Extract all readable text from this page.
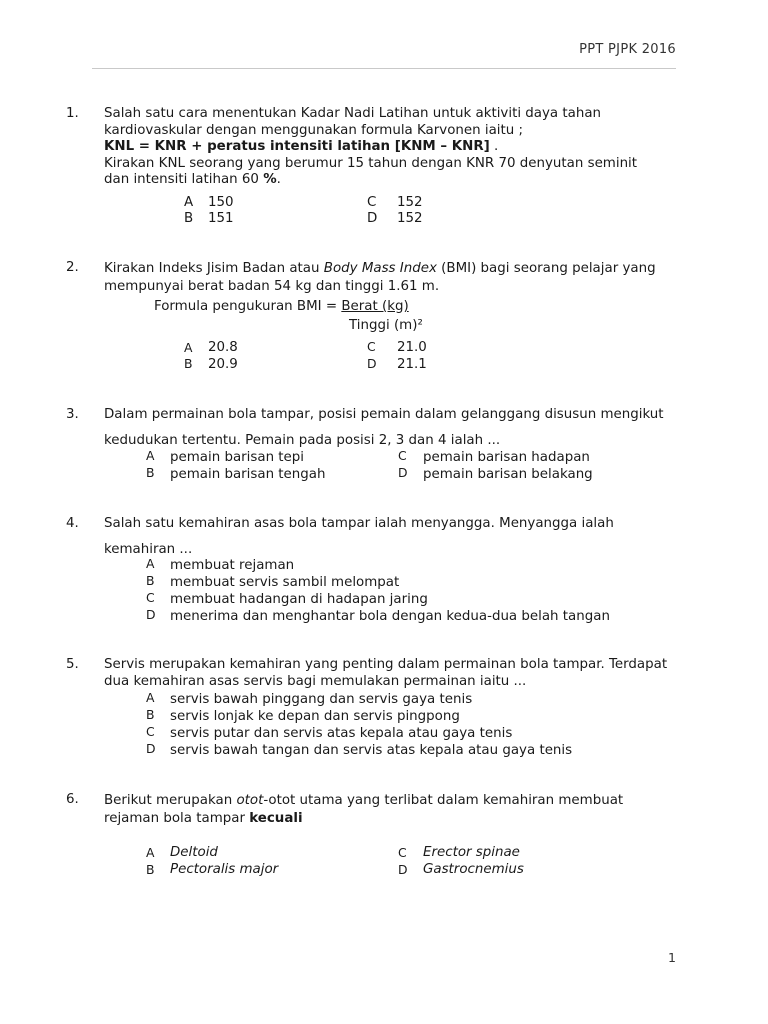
PPT PJPK 2016
1. Salah satu cara menentukan Kadar Nadi Latihan untuk aktiviti daya tahan

kardiovaskular dengan menggunakan formula Karvonen iaitu ;

KNL = KNR + peratus intensiti latihan [KNM – KNR] .

Kirakan KNL seorang yang berumur 15 tahun dengan KNR 70 denyutan seminit

dan intensiti latihan 60 %.

A 150
B 151
C 152
D 152
2. Kirakan Indeks Jisim Badan atau Body Mass Index (BMI) bagi seorang pelajar yang

mempunyai berat badan 54 kg dan tinggi 1.61 m.

Formula pengukuran BMI = Berat (kg)
Tinggi (m)²
A 20.8
B 20.9
C 21.0
D 21.1
3. Dalam permainan bola tampar, posisi pemain dalam gelanggang disusun mengikut

kedudukan tertentu. Pemain pada posisi 2, 3 dan 4 ialah ...

A pemain barisan tepi
B pemain barisan tengah
C pemain barisan hadapan
D pemain barisan belakang
4. Salah satu kemahiran asas bola tampar ialah menyangga. Menyangga ialah

kemahiran ...

A membuat rejaman
B membuat servis sambil melompat
C membuat hadangan di hadapan jaring
D menerima dan menghantar bola dengan kedua-dua belah tangan
5. Servis merupakan kemahiran yang penting dalam permainan bola tampar. Terdapat

dua kemahiran asas servis bagi memulakan permainan iaitu ...

A servis bawah pinggang dan servis gaya tenis
B servis lonjak ke depan dan servis pingpong
C servis putar dan servis atas kepala atau gaya tenis
D servis bawah tangan dan servis atas kepala atau gaya tenis
6. Berikut merupakan otot-otot utama yang terlibat dalam kemahiran membuat

rejaman bola tampar kecuali

A Deltoid
B Pectoralis major
C Erector spinae
D Gastrocnemius
1
